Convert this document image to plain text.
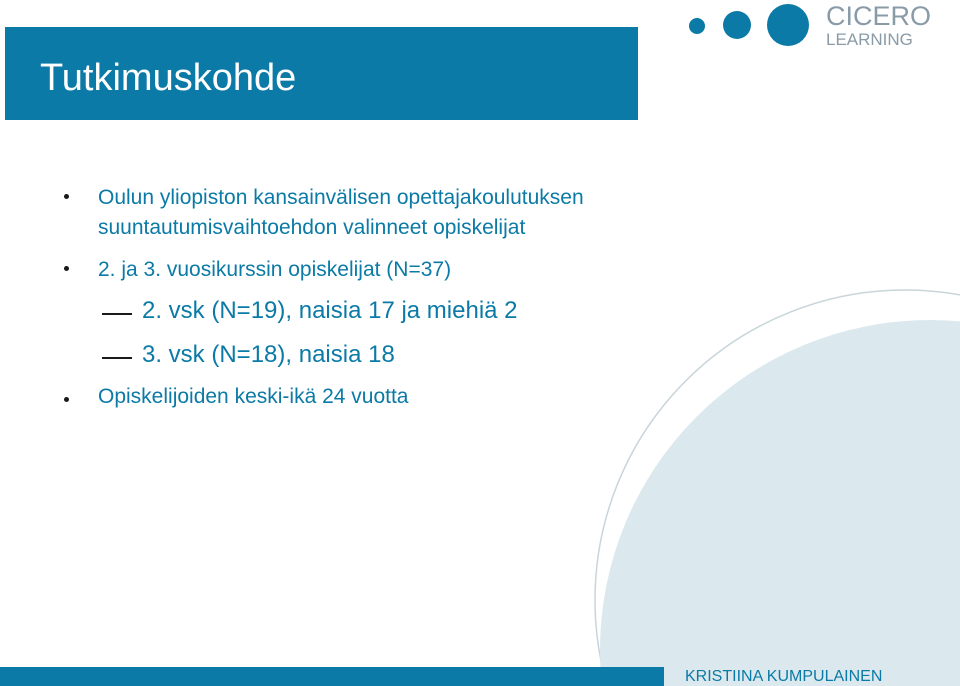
Tutkimuskohde
CICERO
LEARNING
Oulun yliopiston kansainvälisen opettajakoulutuksen
suuntautumisvaihtoehdon valinneet opiskelijat
2. ja 3. vuosikurssin opiskelijat (N=37)
2. vsk (N=19), naisia 17 ja miehiä 2
3. vsk (N=18), naisia 18
Opiskelijoiden keski-ikä 24 vuotta
KRISTIINA KUMPULAINEN
